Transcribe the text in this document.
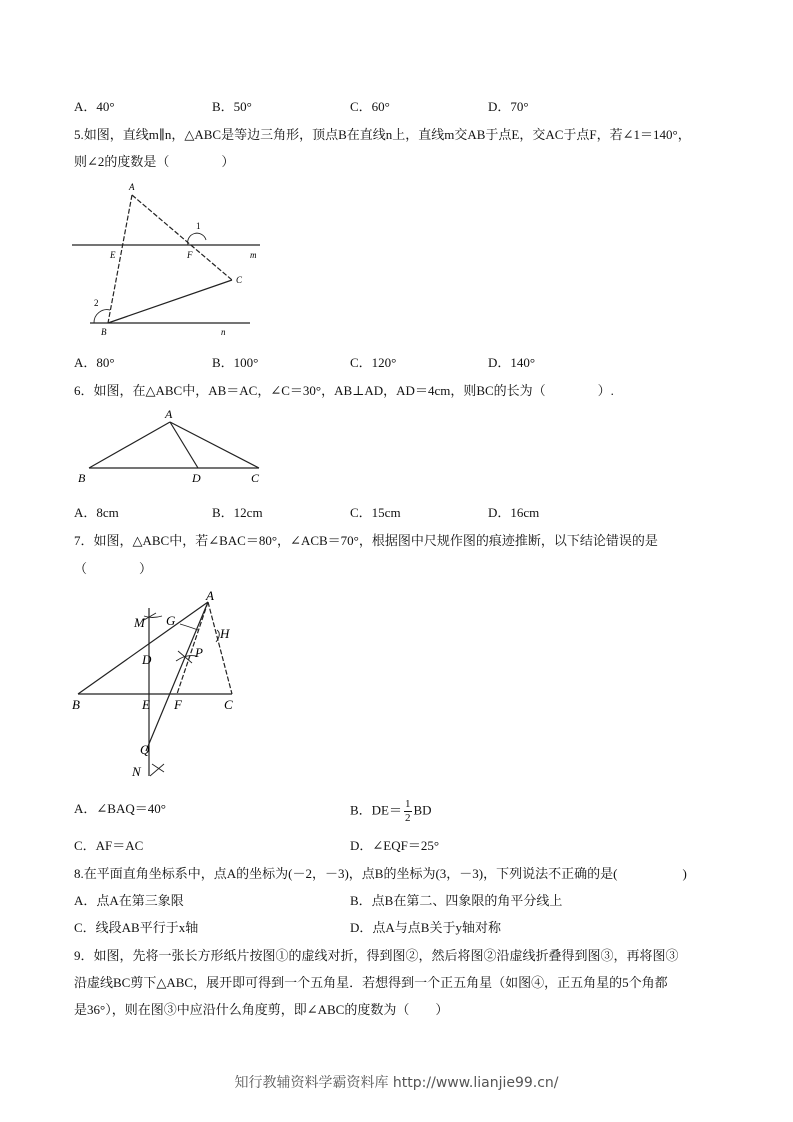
A．40°	B．50°	C．60°	D．70°
5.如图，直线m∥n，△ABC是等边三角形，顶点B在直线n上，直线m交AB于点E，交AC于点F，若∠1＝140°，
则∠2的度数是（　　　　）
A
E	F
C
B
m
n
1
2
A．80°	B．100°	C．120°	D．140°
6．如图，在△ABC中，AB＝AC，∠C＝30°，AB⊥AD，AD＝4cm，则BC的长为（　　　　）.
A
B	D	C
A．8cm	B．12cm	C．15cm	D．16cm
7．如图，△ABC中，若∠BAC＝80°，∠ACB＝70°，根据图中尺规作图的痕迹推断，以下结论错误的是
（　　　　）
A
M G
H
D	P
B	E F	C
Q
N
A．∠BAQ＝40°	B．$DE= \frac{1}{2}$ BD
C．AF＝AC	D．∠EQF＝25°
8.在平面直角坐标系中，点A的坐标为(－2，－3)，点B的坐标为(3，－3)，下列说法不正确的是(　　　　　)
A．点A在第三象限	B．点B在第二、四象限的角平分线上
C．线段AB平行于x轴	D．点A与点B关于y轴对称
9．如图，先将一张长方形纸片按图①的虚线对折，得到图②，然后将图②沿虚线折叠得到图③，再将图③
沿虚线BC剪下△ABC，展开即可得到一个五角星．若想得到一个正五角星（如图④，正五角星的5个角都
是36°），则在图③中应沿什么角度剪，即∠ABC的度数为（　　）
知行教辅资料学霸资料库 http://www.lianjie99.cn/
